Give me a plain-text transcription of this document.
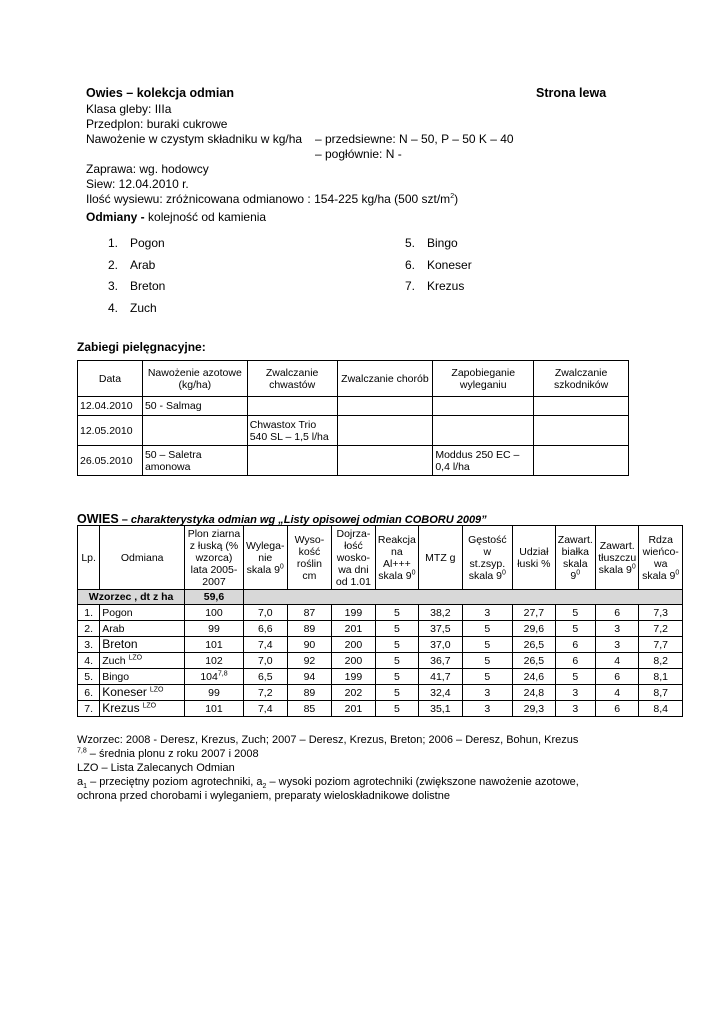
Owies – kolekcja odmian	Strona lewa
Klasa gleby: IIIa
Przedplon: buraki cukrowe
Nawożenie w czystym składniku w kg/ha – przedsiewne: N – 50, P – 50 K – 40
– pogłównie: N -
Zaprawa: wg. hodowcy
Siew: 12.04.2010 r.
Ilość wysiewu: zróżnicowana odmianowo : 154-225 kg/ha (500 szt/$m^2$)
Odmiany - kolejność od kamienia
1. Pogon
2. Arab
3. Breton
4. Zuch
5. Bingo
6. Koneser
7. Krezus
Zabiegi pielęgnacyjne:
Data	Nawożenie azotowe (kg/ha)	Zwalczanie chwastów	Zwalczanie chorób	Zapobieganie wyleganiu	Zwalczanie szkodników
12.04.2010	50 - Salmag				
12.05.2010		Chwastox Trio 540 SL – 1,5 l/ha			
26.05.2010	50 – Saletra amonowa			Moddus 250 EC – 0,4 l/ha	
OWIES – charakterystyka odmian wg „Listy opisowej odmian COBORU 2009”
Lp.	Odmiana	Plon ziarna z łuską (% wzorca) lata 2005-2007	Wylega-nie skala $9^0$	Wyso-kość roślin cm	Dojrza-łość wosko-wa dni od 1.01	Reakcja na Al+++ skala $9^0$	MTZ g	Gęstość w st.zsyp. skala $9^0$	Udział łuski %	Zawart. białka skala $9^0$	Zawart. tłuszczu skala $9^0$	Rdza wieńco-wa skala $9^0$
Wzorzec , dt z ha		59,6										
1.	Pogon	100	7,0	87	199	5	38,2	3	27,7	5	6	7,3
2.	Arab	99	6,6	89	201	5	37,5	5	29,6	5	3	7,2
3.	Breton	101	7,4	90	200	5	37,0	5	26,5	6	3	7,7
4.	Zuch $^{LZO}$	102	7,0	92	200	5	36,7	5	26,5	6	4	8,2
5.	Bingo	104$^{7,8}$	6,5	94	199	5	41,7	5	24,6	5	6	8,1
6.	Koneser $^{LZO}$	99	7,2	89	202	5	32,4	3	24,8	3	4	8,7
7.	Krezus $^{LZO}$	101	7,4	85	201	5	35,1	3	29,3	3	6	8,4
Wzorzec: 2008 - Deresz, Krezus, Zuch; 2007 – Deresz, Krezus, Breton; 2006 – Deresz, Bohun, Krezus
$^{7,8}$ – średnia plonu z roku 2007 i 2008
LZO – Lista Zalecanych Odmian
$a_1$ – przeciętny poziom agrotechniki, $a_2$ – wysoki poziom agrotechniki (zwiększone nawożenie azotowe,
ochrona przed chorobami i wyleganiem, preparaty wieloskładnikowe dolistne
